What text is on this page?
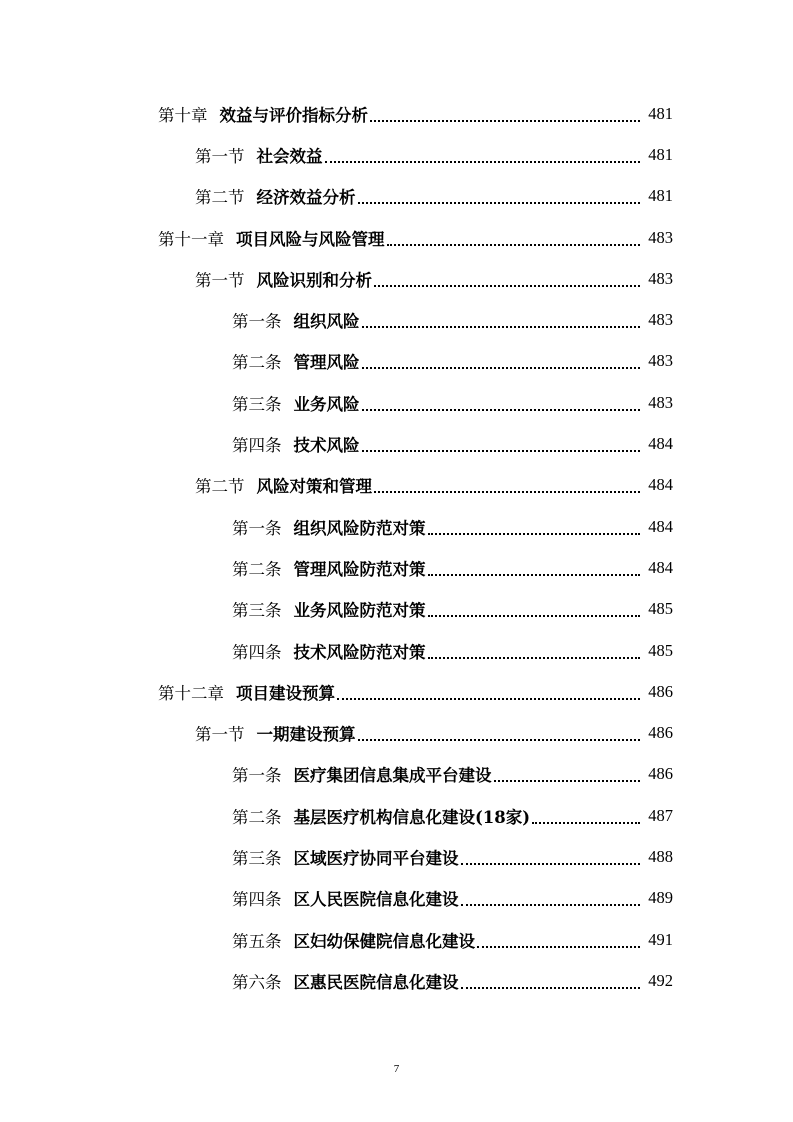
第十章 效益与评价指标分析	481
第一节 社会效益	481
第二节 经济效益分析	481
第十一章 项目风险与风险管理	483
第一节 风险识别和分析	483
第一条 组织风险	483
第二条 管理风险	483
第三条 业务风险	483
第四条 技术风险	484
第二节 风险对策和管理	484
第一条 组织风险防范对策	484
第二条 管理风险防范对策	484
第三条 业务风险防范对策	485
第四条 技术风险防范对策	485
第十二章 项目建设预算	486
第一节 一期建设预算	486
第一条 医疗集团信息集成平台建设	486
第二条 基层医疗机构信息化建设(18家)	487
第三条 区域医疗协同平台建设	488
第四条 区人民医院信息化建设	489
第五条 区妇幼保健院信息化建设	491
第六条 区惠民医院信息化建设	492
7
